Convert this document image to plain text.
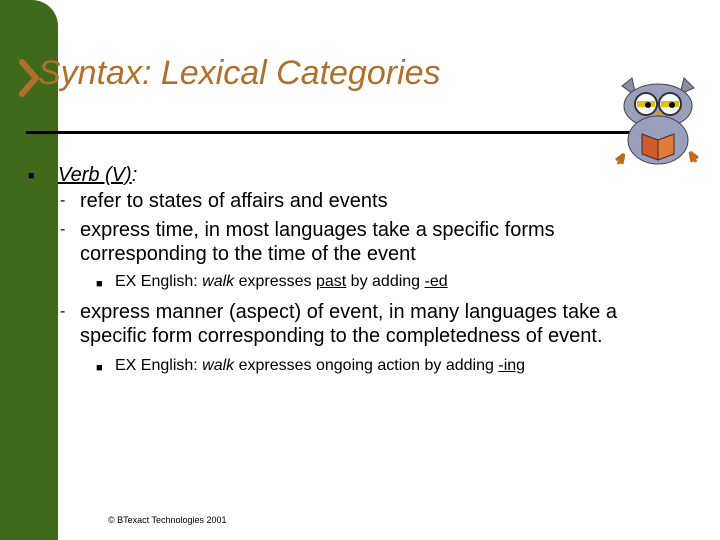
Syntax: Lexical Categories
■ Verb (V):
- refer to states of affairs and events
- express time, in most languages take a specific forms
corresponding to the time of the event
■ EX English: walk expresses past by adding -ed
- express manner (aspect) of event, in many languages take a
specific form corresponding to the completedness of event.
■ EX English: walk expresses ongoing action by adding -ing
© BTexact Technologies 2001
